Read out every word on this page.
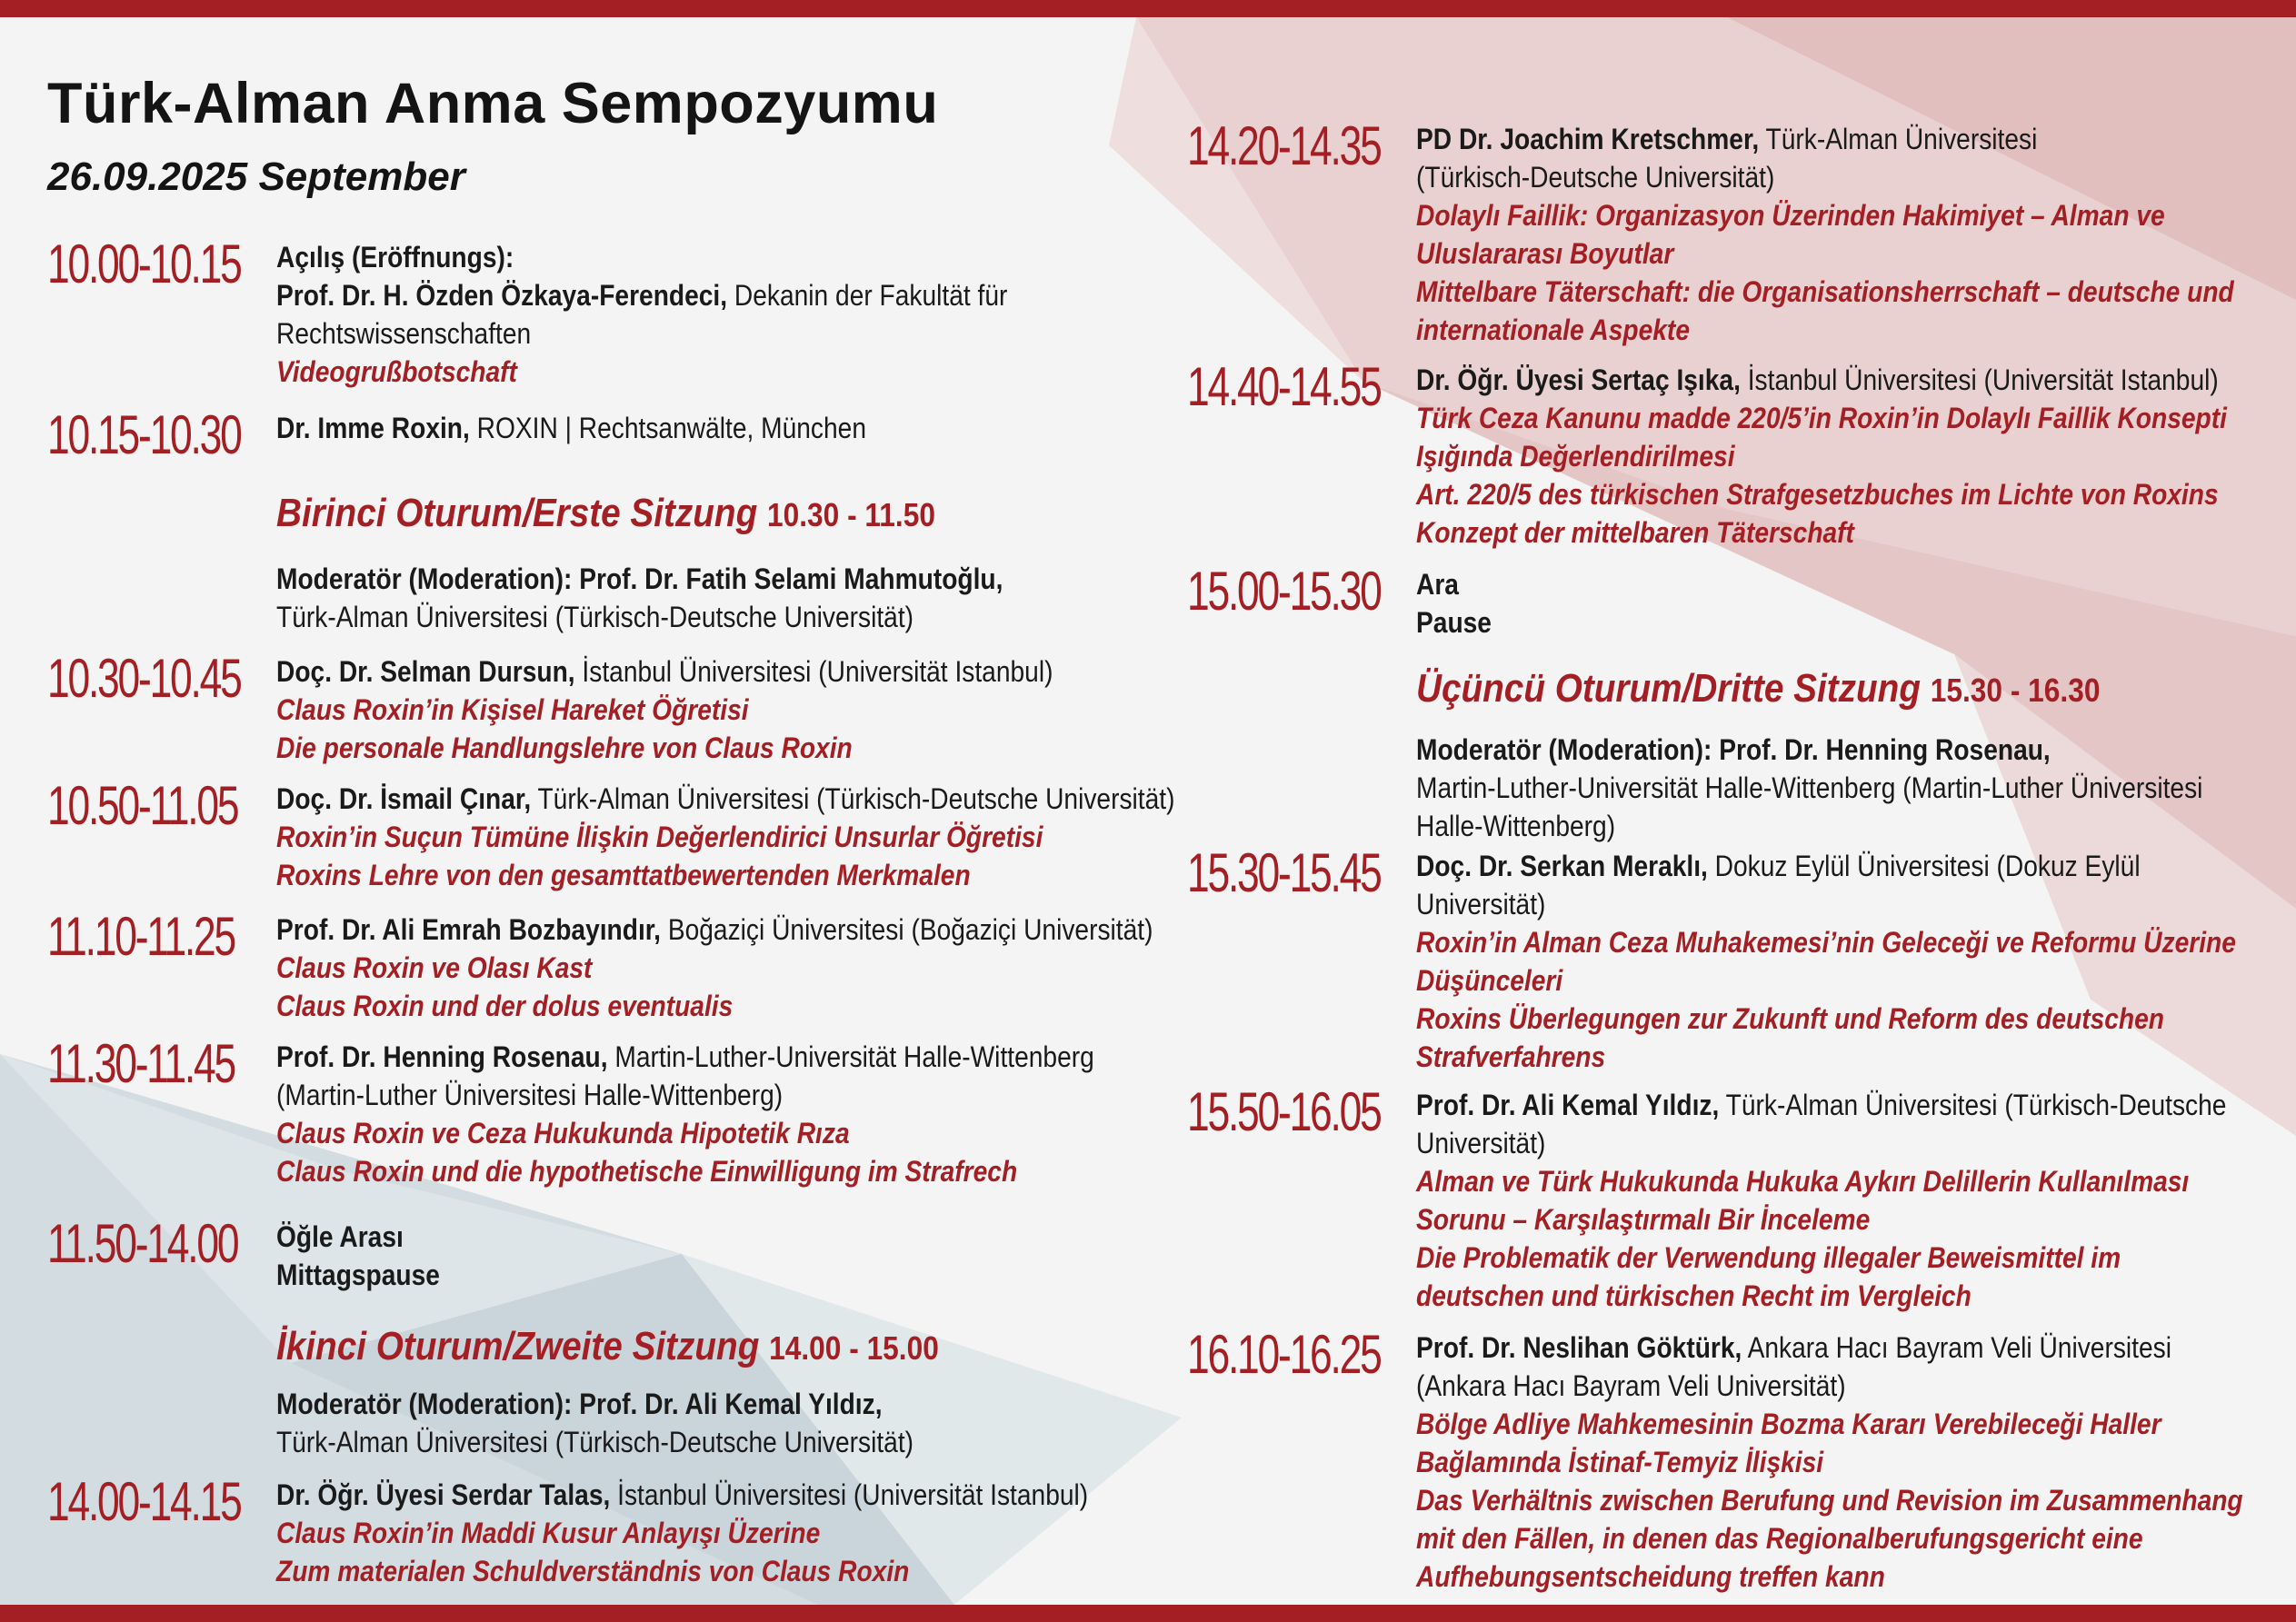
Türk-Alman Anma Sempozyumu
26.09.2025 September
10.00-10.15 Açılış (Eröffnungs):
Prof. Dr. H. Özden Özkaya-Ferendeci, Dekanin der Fakultät für
Rechtswissenschaften
Videogrußbotschaft
10.15-10.30 Dr. Imme Roxin, ROXIN | Rechtsanwälte, München
Birinci Oturum/Erste Sitzung 10.30 - 11.50
Moderatör (Moderation): Prof. Dr. Fatih Selami Mahmutoğlu,
Türk-Alman Üniversitesi (Türkisch-Deutsche Universität)
10.30-10.45 Doç. Dr. Selman Dursun, İstanbul Üniversitesi (Universität Istanbul)
Claus Roxin’in Kişisel Hareket Öğretisi
Die personale Handlungslehre von Claus Roxin
10.50-11.05 Doç. Dr. İsmail Çınar, Türk-Alman Üniversitesi (Türkisch-Deutsche Universität)
Roxin’in Suçun Tümüne İlişkin Değerlendirici Unsurlar Öğretisi
Roxins Lehre von den gesamttatbewertenden Merkmalen
11.10-11.25 Prof. Dr. Ali Emrah Bozbayındır, Boğaziçi Üniversitesi (Boğaziçi Universität)
Claus Roxin ve Olası Kast
Claus Roxin und der dolus eventualis
11.30-11.45 Prof. Dr. Henning Rosenau, Martin-Luther-Universität Halle-Wittenberg
(Martin-Luther Üniversitesi Halle-Wittenberg)
Claus Roxin ve Ceza Hukukunda Hipotetik Rıza
Claus Roxin und die hypothetische Einwilligung im Strafrech
11.50-14.00 Öğle Arası
Mittagspause
İkinci Oturum/Zweite Sitzung 14.00 - 15.00
Moderatör (Moderation): Prof. Dr. Ali Kemal Yıldız,
Türk-Alman Üniversitesi (Türkisch-Deutsche Universität)
14.00-14.15 Dr. Öğr. Üyesi Serdar Talas, İstanbul Üniversitesi (Universität Istanbul)
Claus Roxin’in Maddi Kusur Anlayışı Üzerine
Zum materialen Schuldverständnis von Claus Roxin
14.20-14.35 PD Dr. Joachim Kretschmer, Türk-Alman Üniversitesi
(Türkisch-Deutsche Universität)
Dolaylı Faillik: Organizasyon Üzerinden Hakimiyet – Alman ve
Uluslararası Boyutlar
Mittelbare Täterschaft: die Organisationsherrschaft – deutsche und
internationale Aspekte
14.40-14.55 Dr. Öğr. Üyesi Sertaç Işıka, İstanbul Üniversitesi (Universität Istanbul)
Türk Ceza Kanunu madde 220/5’in Roxin’in Dolaylı Faillik Konsepti
Işığında Değerlendirilmesi
Art. 220/5 des türkischen Strafgesetzbuches im Lichte von Roxins
Konzept der mittelbaren Täterschaft
15.00-15.30 Ara
Pause
Üçüncü Oturum/Dritte Sitzung 15.30 - 16.30
Moderatör (Moderation): Prof. Dr. Henning Rosenau,
Martin-Luther-Universität Halle-Wittenberg (Martin-Luther Üniversitesi
Halle-Wittenberg)
15.30-15.45 Doç. Dr. Serkan Meraklı, Dokuz Eylül Üniversitesi (Dokuz Eylül
Universität)
Roxin’in Alman Ceza Muhakemesi’nin Geleceği ve Reformu Üzerine
Düşünceleri
Roxins Überlegungen zur Zukunft und Reform des deutschen
Strafverfahrens
15.50-16.05 Prof. Dr. Ali Kemal Yıldız, Türk-Alman Üniversitesi (Türkisch-Deutsche
Universität)
Alman ve Türk Hukukunda Hukuka Aykırı Delillerin Kullanılması
Sorunu – Karşılaştırmalı Bir İnceleme
Die Problematik der Verwendung illegaler Beweismittel im
deutschen und türkischen Recht im Vergleich
16.10-16.25 Prof. Dr. Neslihan Göktürk, Ankara Hacı Bayram Veli Üniversitesi
(Ankara Hacı Bayram Veli Universität)
Bölge Adliye Mahkemesinin Bozma Kararı Verebileceği Haller
Bağlamında İstinaf-Temyiz İlişkisi
Das Verhältnis zwischen Berufung und Revision im Zusammenhang
mit den Fällen, in denen das Regionalberufungsgericht eine
Aufhebungsentscheidung treffen kann
